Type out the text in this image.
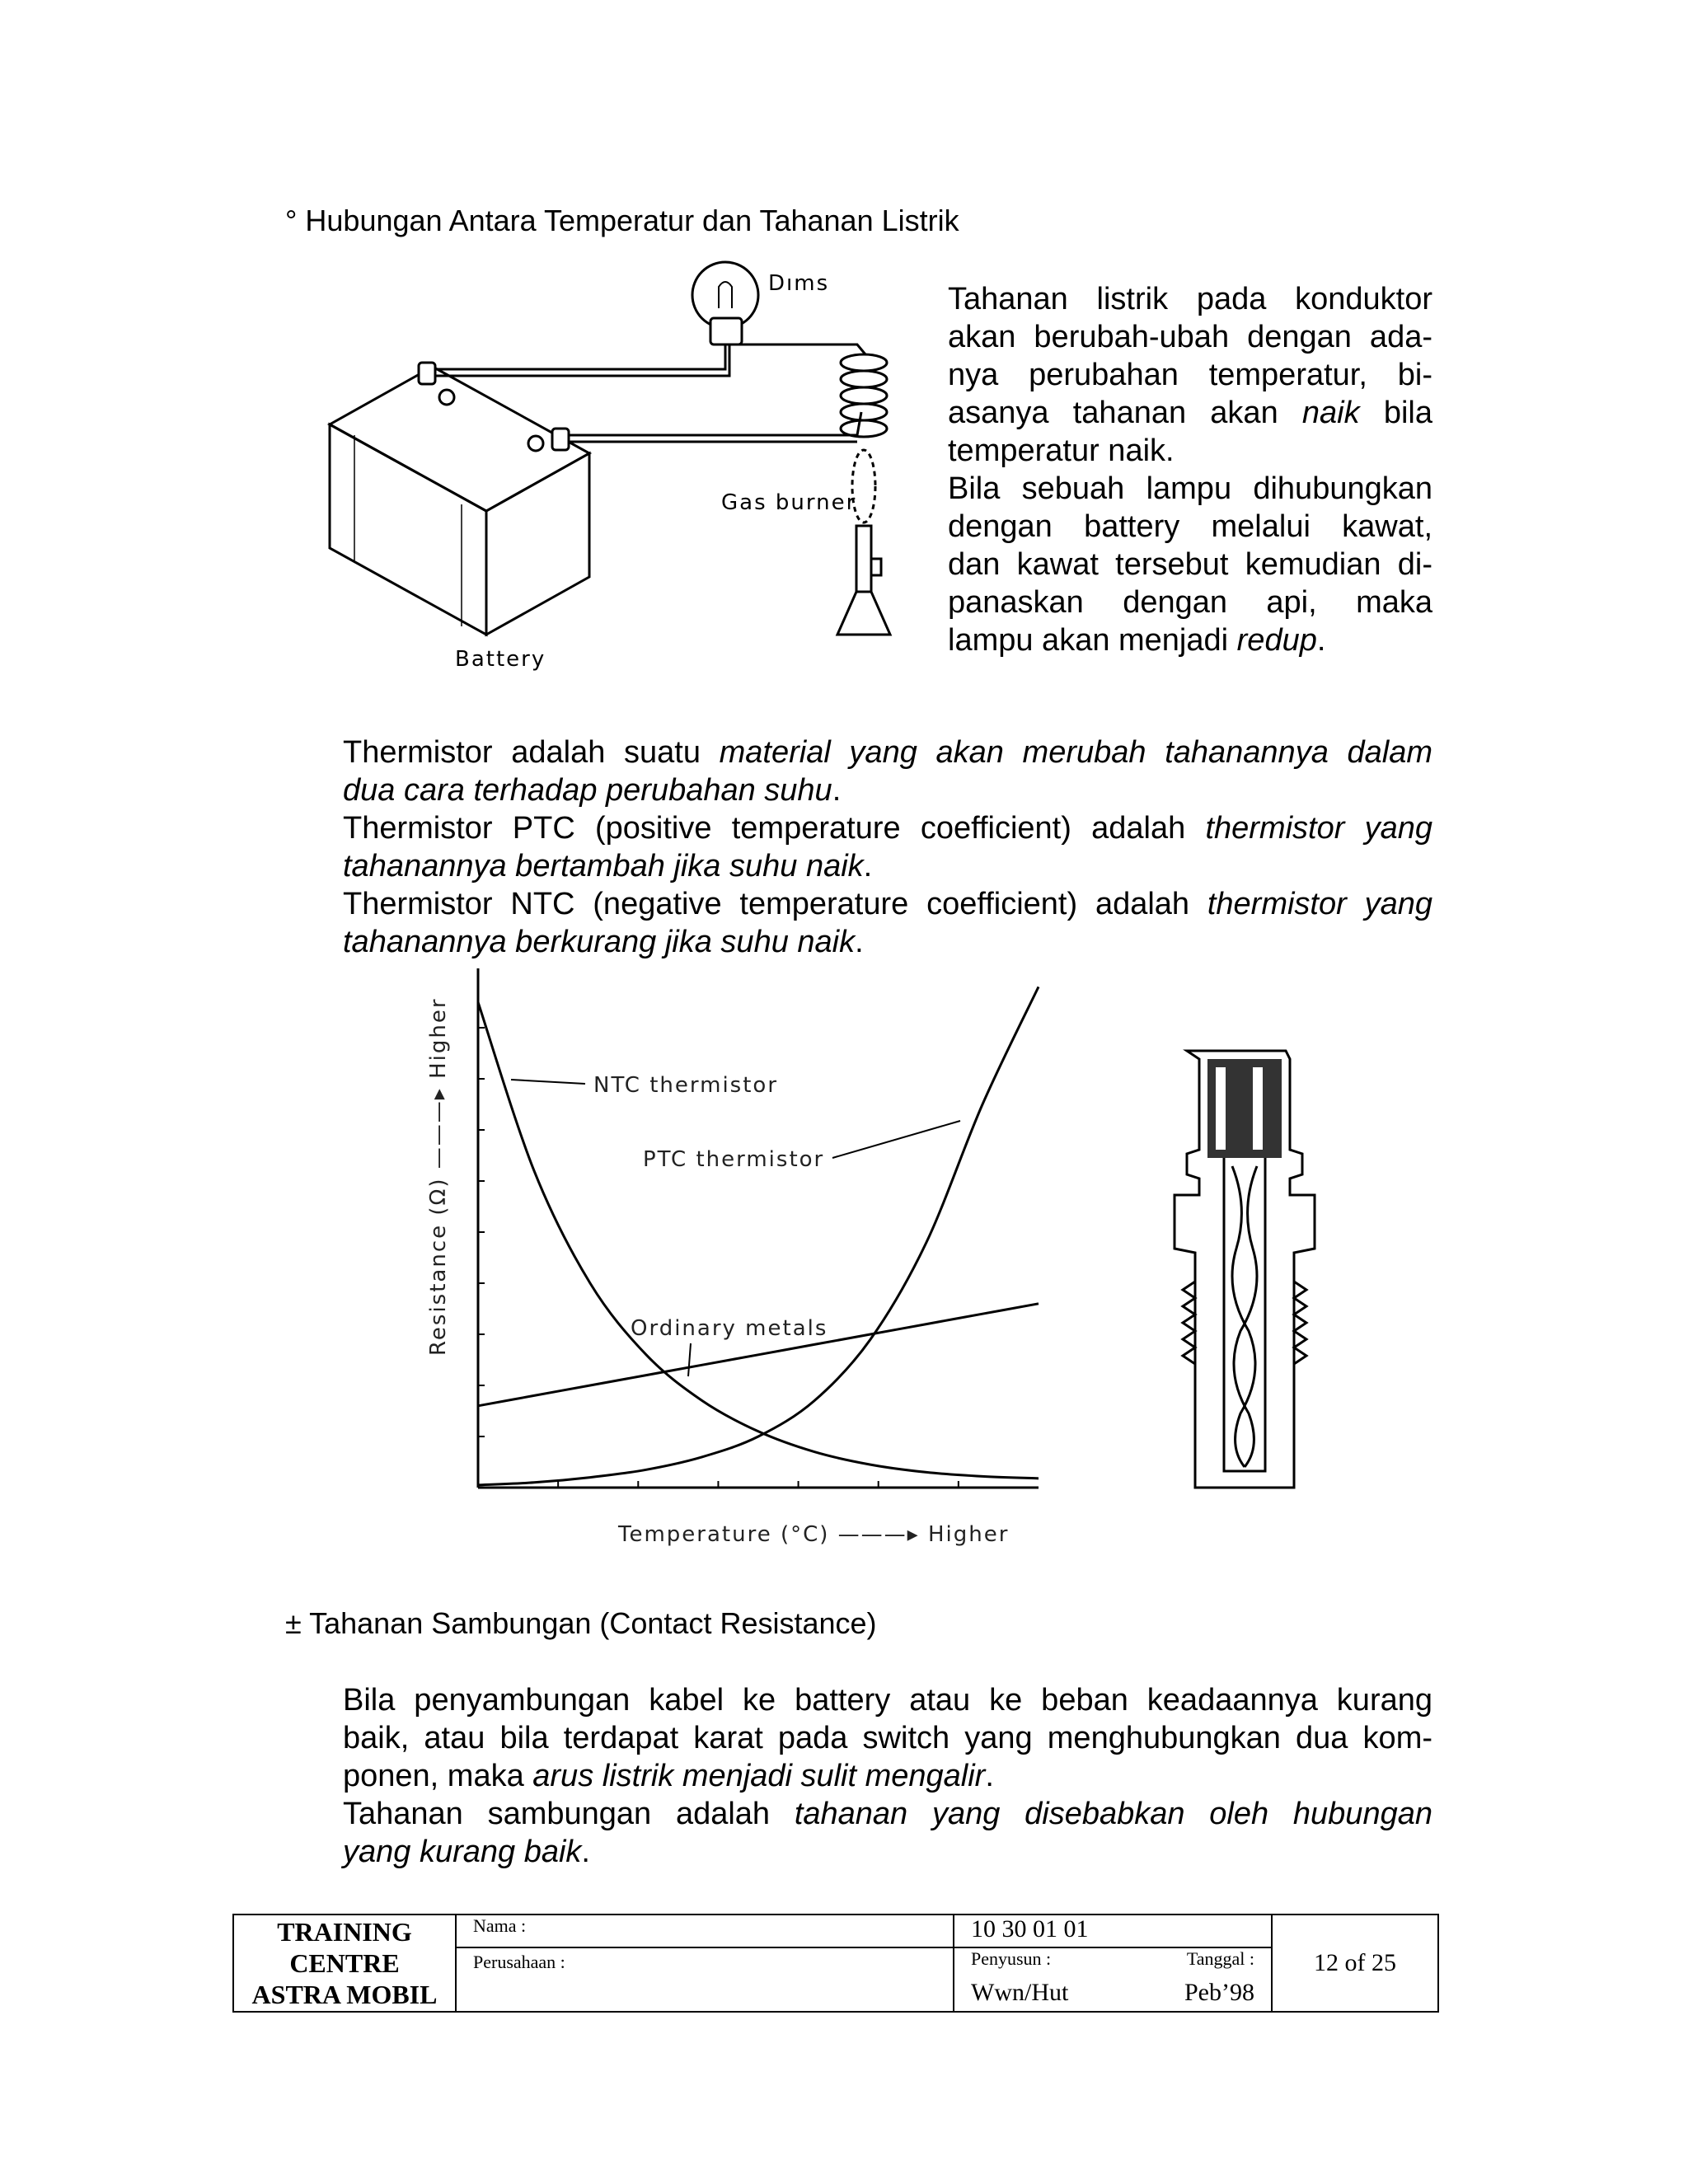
° Hubungan Antara Temperatur dan Tahanan Listrik
Dıms
Gas burner
Battery
Tahanan listrik pada konduktor
akan berubah-ubah dengan ada-
nya perubahan temperatur, bi-
asanya tahanan akan naik bila
temperatur naik.
Bila sebuah lampu dihubungkan
dengan battery melalui kawat,
dan kawat tersebut kemudian di-
panaskan dengan api, maka
lampu akan menjadi redup.
Thermistor adalah suatu material yang akan merubah tahanannya dalam
dua cara terhadap perubahan suhu.
Thermistor PTC (positive temperature coefficient) adalah thermistor yang
tahanannya bertambah jika suhu naik.
Thermistor NTC (negative temperature coefficient) adalah thermistor yang
tahanannya berkurang jika suhu naik.
NTC thermistor
PTC thermistor
Ordinary metals
Temperature (°C) ———▸ Higher
Resistance (Ω) ———▸ Higher
± Tahanan Sambungan (Contact Resistance)
Bila penyambungan kabel ke battery atau ke beban keadaannya kurang
baik, atau bila terdapat karat pada switch yang menghubungkan dua kom-
ponen, maka arus listrik menjadi sulit mengalir.
Tahanan sambungan adalah tahanan yang disebabkan oleh hubungan
yang kurang baik.
TRAINING
CENTRE
ASTRA MOBIL	Nama :	10 30 01 01		12 of 25
	Perusahaan :	Penyusun :	Tanggal :	
		Wwn/Hut	Peb’98	
